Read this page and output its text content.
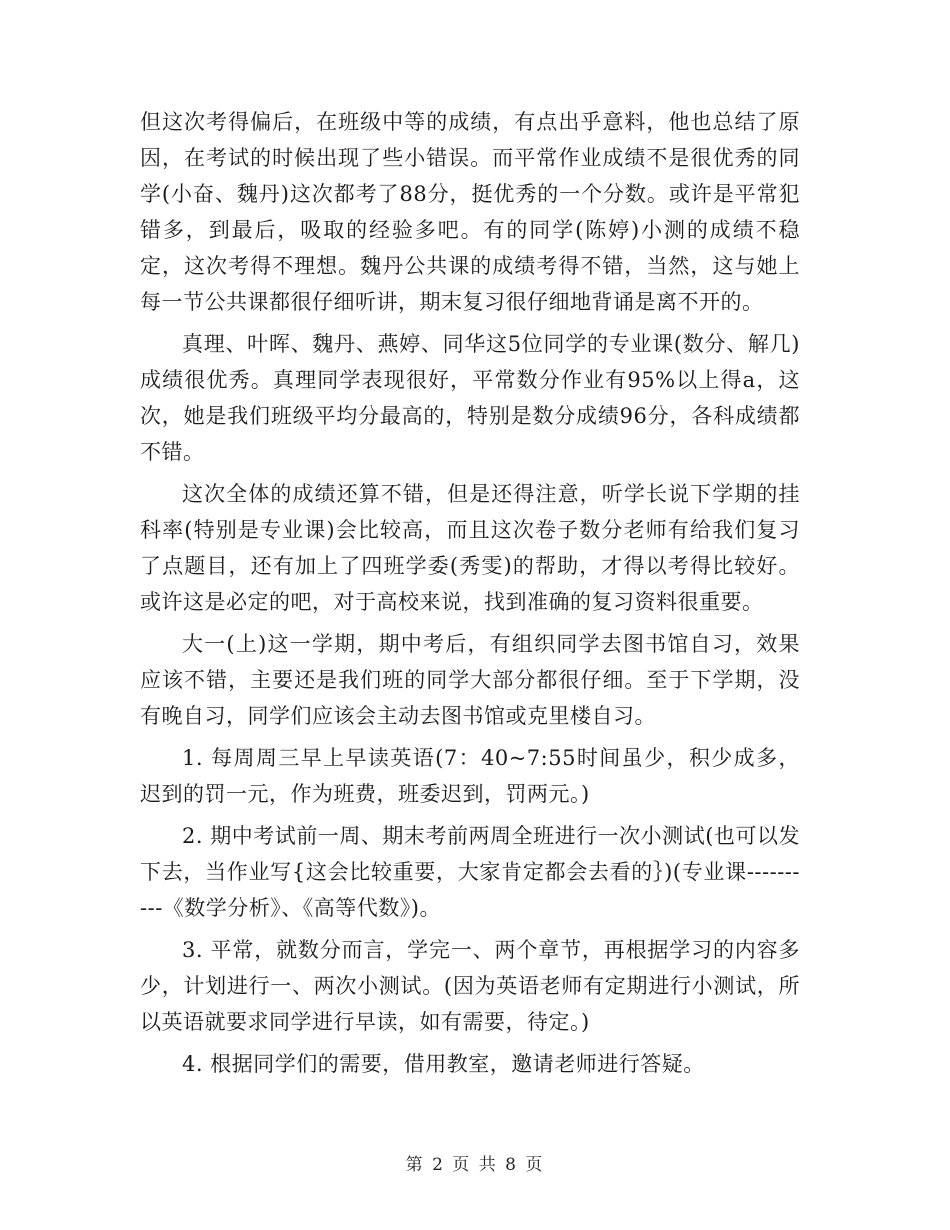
但这次考得偏后，在班级中等的成绩，有点出乎意料，他也总结了原因，在考试的时候出现了些小错误。而平常作业成绩不是很优秀的同学(小奋、魏丹)这次都考了88分，挺优秀的一个分数。或许是平常犯错多，到最后，吸取的经验多吧。有的同学(陈婷)小测的成绩不稳定，这次考得不理想。魏丹公共课的成绩考得不错，当然，这与她上每一节公共课都很仔细听讲，期末复习很仔细地背诵是离不开的。

真理、叶晖、魏丹、燕婷、同华这5位同学的专业课(数分、解几)成绩很优秀。真理同学表现很好，平常数分作业有95%以上得a，这次，她是我们班级平均分最高的，特别是数分成绩96分，各科成绩都不错。

这次全体的成绩还算不错，但是还得注意，听学长说下学期的挂科率(特别是专业课)会比较高，而且这次卷子数分老师有给我们复习了点题目，还有加上了四班学委(秀雯)的帮助，才得以考得比较好。或许这是必定的吧，对于高校来说，找到准确的复习资料很重要。

大一(上)这一学期，期中考后，有组织同学去图书馆自习，效果应该不错，主要还是我们班的同学大部分都很仔细。至于下学期，没有晚自习，同学们应该会主动去图书馆或克里楼自习。

1. 每周周三早上早读英语(7：40~7:55时间虽少，积少成多，迟到的罚一元，作为班费，班委迟到，罚两元。)

2. 期中考试前一周、期末考前两周全班进行一次小测试(也可以发下去，当作业写{这会比较重要，大家肯定都会去看的｝)(专业课----------《数学分析》、《高等代数》)。

3. 平常，就数分而言，学完一、两个章节，再根据学习的内容多少，计划进行一、两次小测试。(因为英语老师有定期进行小测试，所以英语就要求同学进行早读，如有需要，待定。)

4. 根据同学们的需要，借用教室，邀请老师进行答疑。

第 2 页 共 8 页
